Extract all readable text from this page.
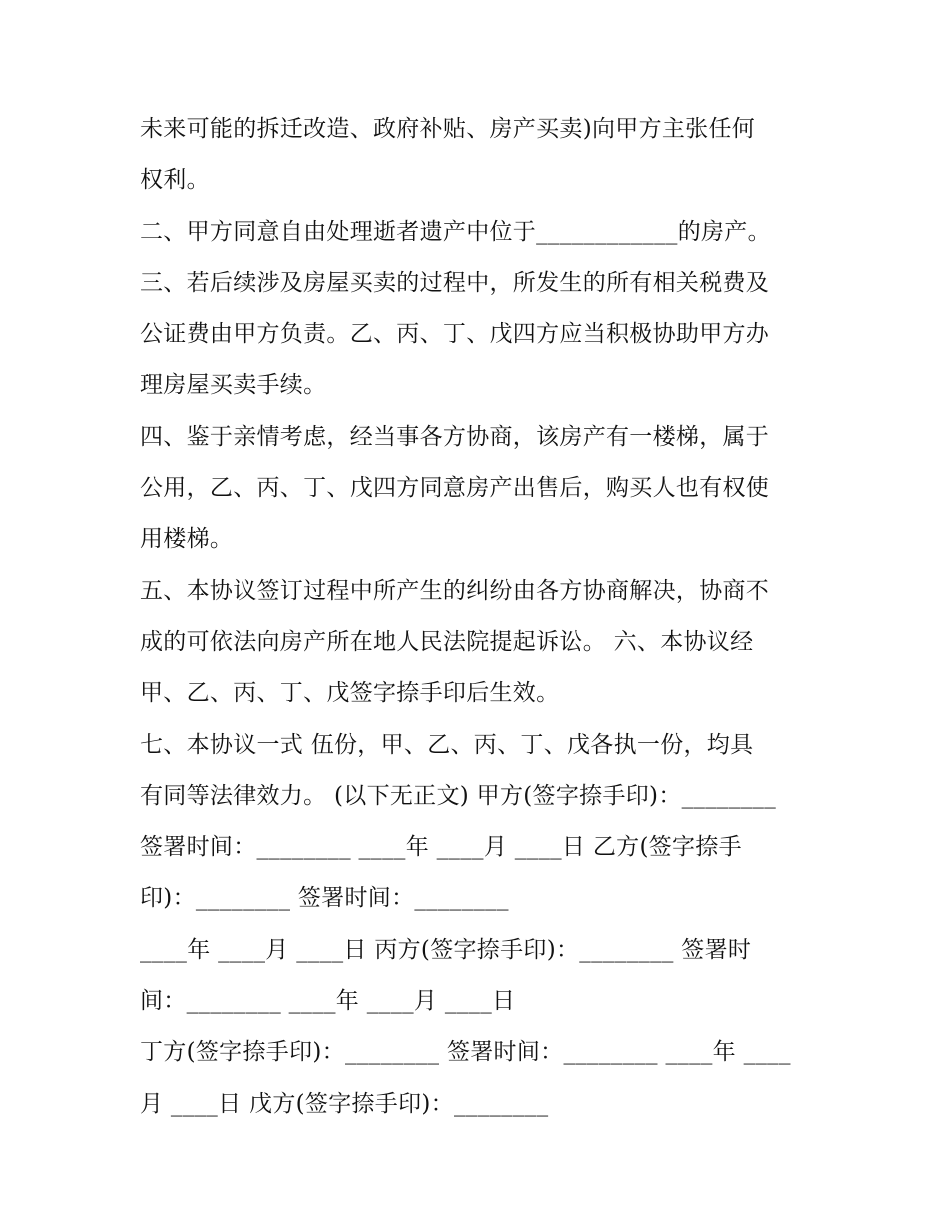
未来可能的拆迁改造、政府补贴、房产买卖)向甲方主张任何
权利。
二、甲方同意自由处理逝者遗产中位于____________的房产。
三、若后续涉及房屋买卖的过程中，所发生的所有相关税费及
公证费由甲方负责。乙、丙、丁、戊四方应当积极协助甲方办
理房屋买卖手续。
四、鉴于亲情考虑，经当事各方协商，该房产有一楼梯，属于
公用，乙、丙、丁、戊四方同意房产出售后，购买人也有权使
用楼梯。
五、本协议签订过程中所产生的纠纷由各方协商解决，协商不
成的可依法向房产所在地人民法院提起诉讼。 六、本协议经
甲、乙、丙、丁、戊签字捺手印后生效。
七、本协议一式 伍份，甲、乙、丙、丁、戊各执一份，均具
有同等法律效力。 (以下无正文) 甲方(签字捺手印)：________
签署时间：________ ____年 ____月 ____日 乙方(签字捺手
印)：________ 签署时间：________
____年 ____月 ____日 丙方(签字捺手印)：________ 签署时
间：________ ____年 ____月 ____日
丁方(签字捺手印)：________ 签署时间：________ ____年 ____
月 ____日 戊方(签字捺手印)：________
